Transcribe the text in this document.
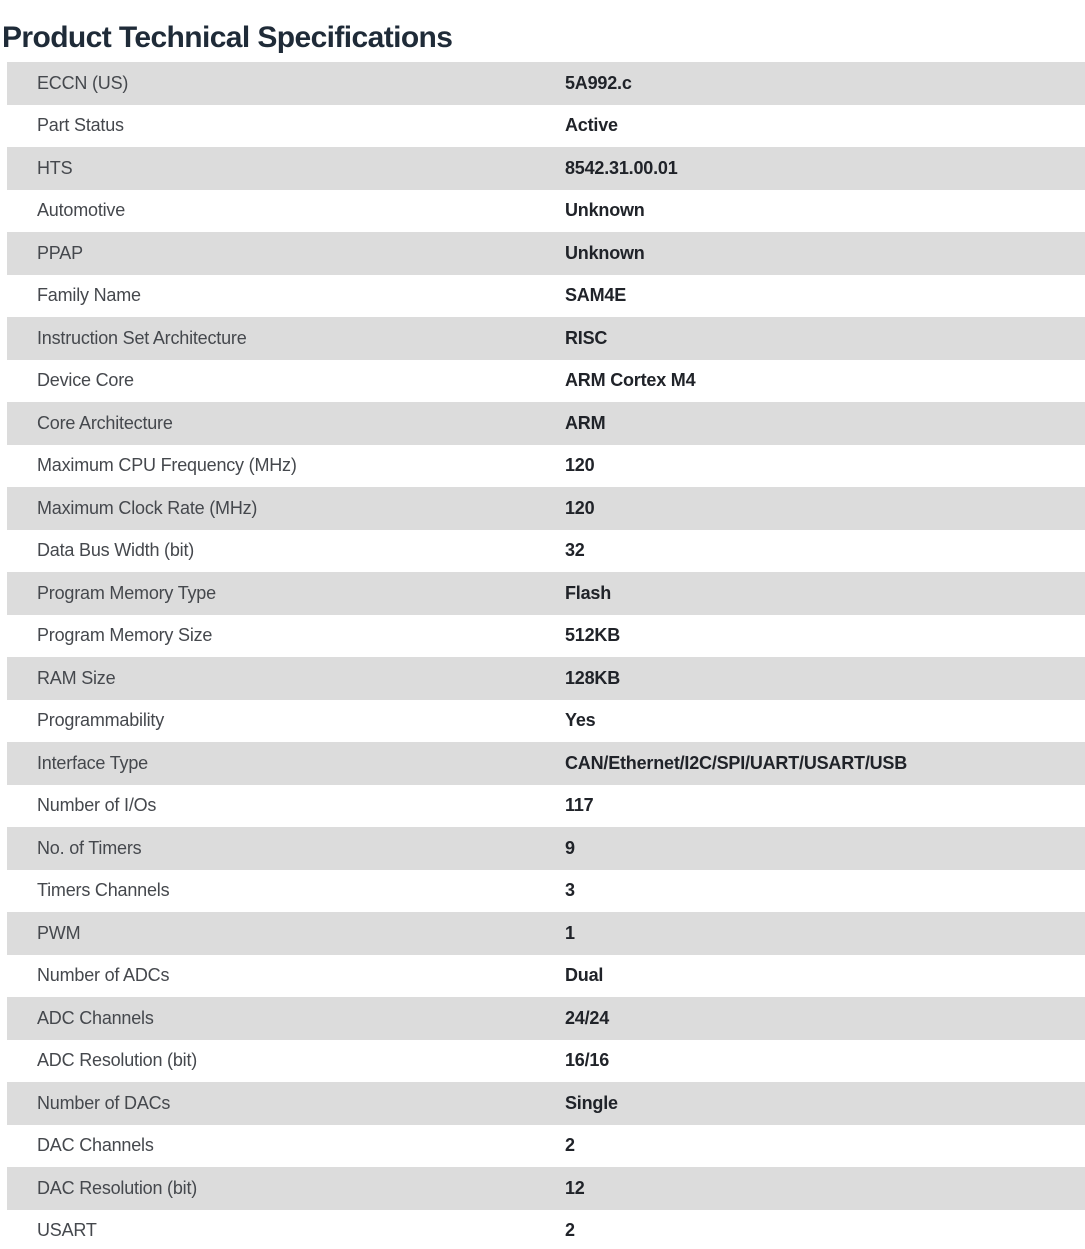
Product Technical Specifications
ECCN (US)	5A992.c
Part Status	Active
HTS	8542.31.00.01
Automotive	Unknown
PPAP	Unknown
Family Name	SAM4E
Instruction Set Architecture	RISC
Device Core	ARM Cortex M4
Core Architecture	ARM
Maximum CPU Frequency (MHz)	120
Maximum Clock Rate (MHz)	120
Data Bus Width (bit)	32
Program Memory Type	Flash
Program Memory Size	512KB
RAM Size	128KB
Programmability	Yes
Interface Type	CAN/Ethernet/I2C/SPI/UART/USART/USB
Number of I/Os	117
No. of Timers	9
Timers Channels	3
PWM	1
Number of ADCs	Dual
ADC Channels	24/24
ADC Resolution (bit)	16/16
Number of DACs	Single
DAC Channels	2
DAC Resolution (bit)	12
USART	2
